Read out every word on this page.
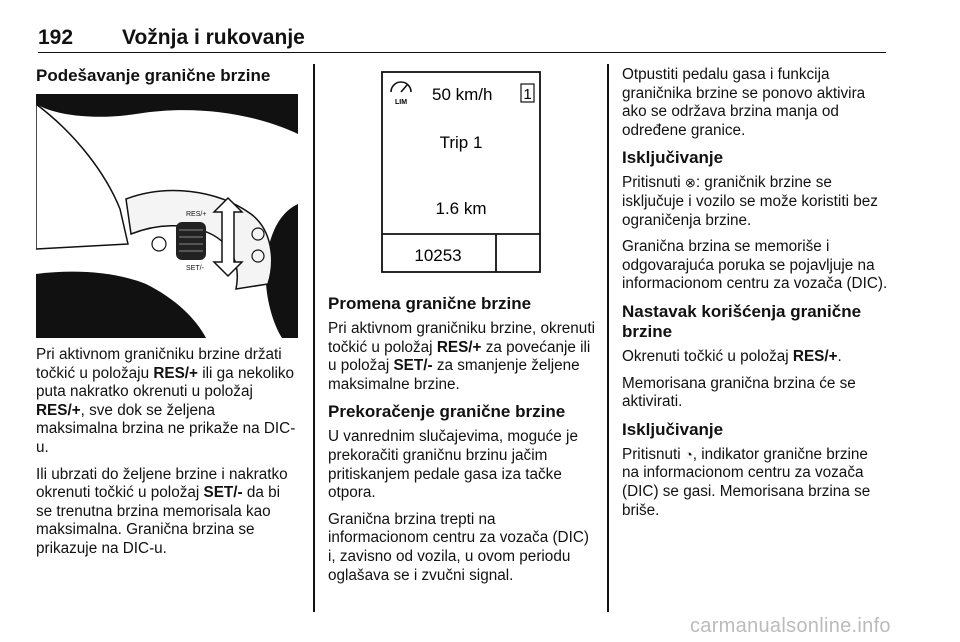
192 Vožnja i rukovanje
Podešavanje granične brzine
RES/+
SET/-

Pri aktivnom graničniku brzine držati točkić u položaju RES/+ ili ga nekoliko puta nakratko okrenuti u položaj RES/+, sve dok se željena maksimalna brzina ne prikaže na DIC-u.

Ili ubrzati do željene brzine i nakratko okrenuti točkić u položaj SET/- da bi se trenutna brzina memorisala kao maksimalna. Granična brzina se prikazuje na DIC-u.

LIM 50 km/h 1
Trip 1
1.6 km
10253
Promena granične brzine

Pri aktivnom graničniku brzine, okrenuti točkić u položaj RES/+ za povećanje ili u položaj SET/- za smanjenje željene maksimalne brzine.

Prekoračenje granične brzine

U vanrednim slučajevima, moguće je prekoračiti graničnu brzinu jačim pritiskanjem pedale gasa iza tačke otpora.

Granična brzina trepti na informacionom centru za vozača (DIC) i, zavisno od vozila, u ovom periodu oglašava se i zvučni signal.

Otpustiti pedalu gasa i funkcija graničnika brzine se ponovo aktivira ako se održava brzina manja od određene granice.

Isključivanje

Pritisnuti ⊗: graničnik brzine se isključuje i vozilo se može koristiti bez ograničenja brzine.

Granična brzina se memoriše i odgovarajuća poruka se pojavljuje na informacionom centru za vozača (DIC).

Nastavak korišćenja granične brzine

Okrenuti točkić u položaj RES/+.

Memorisana granična brzina će se aktivirati.

Isključivanje

Pritisnuti ◔, indikator granične brzine na informacionom centru za vozača (DIC) se gasi. Memorisana brzina se briše.

carmanualsonline.info
